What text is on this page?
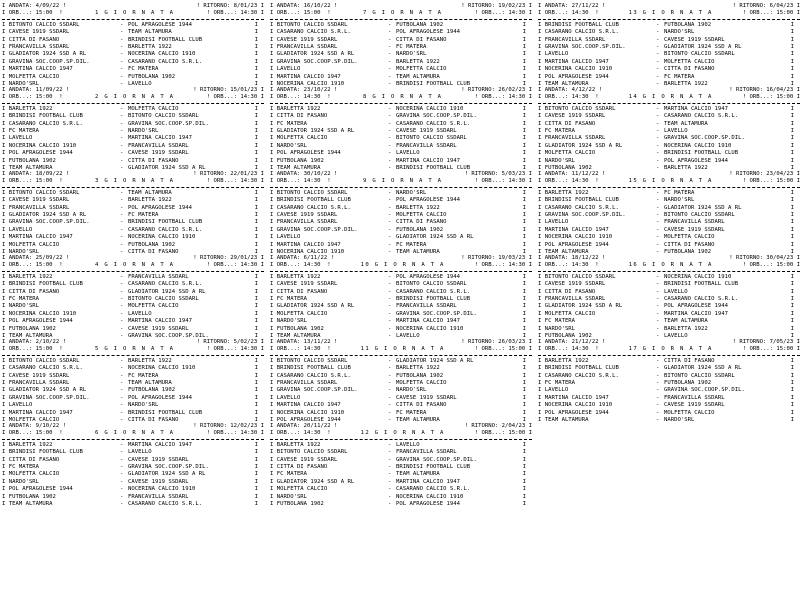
I ANDATA: 4/09/22 !	! RITORNO: 8/01/23 I
I ORB...: 15:00  !	1 G I O R N A T A	! ORB...: 14:30 I
I BITONTO CALCIO SSDARL	- POL AFRAGOLESE 1944	I
I CAVESE 1919 SSDARL	- TEAM ALTAMURA	I
I CITTA DI FASANO	- BRINDISI FOOTBALL CLUB	I
I FRANCAVILLA SSDARL	- BARLETTA 1922	I
I GLADIATOR 1924 SSD A RL	- NOCERINA CALCIO 1910	I
I GRAVINA SOC.COOP.SP.DIL.	- CASARANO CALCIO S.R.L.	I
I MARTINA CALCIO 1947	- FC MATERA	I
I MOLFETTA CALCIO	- FUTBOLANA 1902	I
I NARDO'SRL	- LAVELLO	I
I ANDATA: 11/09/22 !	! RITORNO: 15/01/23 I
I ORB...: 15:00  !	2 G I O R N A T A	! ORB...: 14:30 I
I BARLETTA 1922	- MOLFETTA CALCIO	I
I BRINDISI FOOTBALL CLUB	- BITONTO CALCIO SSDARL	I
I CASARANO CALCIO S.R.L.	- GRAVINA SOC.COOP.SP.DIL.	I
I FC MATERA	- NARDO'SRL	I
I LAVELLO	- MARTINA CALCIO 1947	I
I NOCERINA CALCIO 1910	- FRANCAVILLA SSDARL	I
I POL AFRAGOLESE 1944	- CAVESE 1919 SSDARL	I
I FUTBOLANA 1902	- CITTA DI FASANO	I
I TEAM ALTAMURA	- GLADIATOR 1924 SSD A RL	I
I ANDATA: 18/09/22 !	! RITORNO: 22/01/23 I
I ORB...: 15:00  !	3 G I O R N A T A	! ORB...: 14:30 I
I BITONTO CALCIO SSDARL	- TEAM ALTAMURA	I
I CAVESE 1919 SSDARL	- BARLETTA 1922	I
I FRANCAVILLA SSDARL	- POL AFRAGOLESE 1944	I
I GLADIATOR 1924 SSD A RL	- FC MATERA	I
I GRAVINA SOC.COOP.SP.DIL.	- BRINDISI FOOTBALL CLUB	I
I LAVELLO	- CASARANO CALCIO S.R.L.	I
I MARTINA CALCIO 1947	- NOCERINA CALCIO 1910	I
I MOLFETTA CALCIO	- FUTBOLANA 1902	I
I NARDO'SRL	- CITTA DI FASANO	I
I ANDATA: 25/09/22 !	! RITORNO: 29/01/23 I
I ORB...: 15:00  !	4 G I O R N A T A	! ORB...: 14:30 I
I BARLETTA 1922	- FRANCAVILLA SSDARL	I
I BRINDISI FOOTBALL CLUB	- CASARANO CALCIO S.R.L.	I
I CITTA DI FASANO	- GLADIATOR 1924 SSD A RL	I
I FC MATERA	- BITONTO CALCIO SSDARL	I
I NARDO'SRL	- MOLFETTA CALCIO	I
I NOCERINA CALCIO 1910	- LAVELLO	I
I POL AFRAGOLESE 1944	- MARTINA CALCIO 1947	I
I FUTBOLANA 1902	- CAVESE 1919 SSDARL	I
I TEAM ALTAMURA	- GRAVINA SOC.COOP.SP.DIL.	I
I ANDATA: 2/10/22 !	! RITORNO: 5/02/23 I
I ORB...: 15:00  !	5 G I O R N A T A	! ORB...: 14:30 I
I BITONTO CALCIO SSDARL	- BARLETTA 1922	I
I CASARANO CALCIO S.R.L.	- NOCERINA CALCIO 1910	I
I CAVESE 1919 SSDARL	- FC MATERA	I
I FRANCAVILLA SSDARL	- TEAM ALTAMURA	I
I GLADIATOR 1924 SSD A RL	- FUTBOLANA 1902	I
I GRAVINA SOC.COOP.SP.DIL.	- POL AFRAGOLESE 1944	I
I LAVELLO	- NARDO'SRL	I
I MARTINA CALCIO 1947	- BRINDISI FOOTBALL CLUB	I
I MOLFETTA CALCIO	- CITTA DI FASANO	I
I ANDATA: 9/10/22 !	! RITORNO: 12/02/23 I
I ORB...: 15:00  !	6 G I O R N A T A	! ORB...: 14:30 I
I BARLETTA 1922	- MARTINA CALCIO 1947	I
I BRINDISI FOOTBALL CLUB	- LAVELLO	I
I CITTA DI FASANO	- CAVESE 1919 SSDARL	I
I FC MATERA	- GRAVINA SOC.COOP.SP.DIL.	I
I MOLFETTA CALCIO	- GLADIATOR 1924 SSD A RL	I
I NARDO'SRL	- CAVESE 1919 SSDARL	I
I POL AFRAGOLESE 1944	- NOCERINA CALCIO 1910	I
I FUTBOLANA 1902	- FRANCAVILLA SSDARL	I
I TEAM ALTAMURA	- CASARANO CALCIO S.R.L.	I
I ANDATA: 16/10/22 !	! RITORNO: 19/02/23 I
I ORB...: 15:00  !	7 G I O R N A T A	! ORB...: 14:30 I
I BITONTO CALCIO SSDARL	- FUTBOLANA 1902	I
I CASARANO CALCIO S.R.L.	- POL AFRAGOLESE 1944	I
I CAVESE 1919 SSDARL	- CITTA DI FASANO	I
I FRANCAVILLA SSDARL	- FC MATERA	I
I GLADIATOR 1924 SSD A RL	- NARDO'SRL	I
I GRAVINA SOC.COOP.SP.DIL.	- BARLETTA 1922	I
I LAVELLO	- MOLFETTA CALCIO	I
I MARTINA CALCIO 1947	- TEAM ALTAMURA	I
I NOCERINA CALCIO 1910	- BRINDISI FOOTBALL CLUB	I
I ANDATA: 23/10/22 !	! RITORNO: 26/02/23 I
I ORB...: 14:30  !	8 G I O R N A T A	! ORB...: 14:30 I
I BARLETTA 1922	- NOCERINA CALCIO 1910	I
I CITTA DI FASANO	- GRAVINA SOC.COOP.SP.DIL.	I
I FC MATERA	- CASARANO CALCIO S.R.L.	I
I GLADIATOR 1924 SSD A RL	- CAVESE 1919 SSDARL	I
I MOLFETTA CALCIO	- BITONTO CALCIO SSDARL	I
I NARDO'SRL	- FRANCAVILLA SSDARL	I
I POL AFRAGOLESE 1944	- LAVELLO	I
I FUTBOLANA 1902	- MARTINA CALCIO 1947	I
I TEAM ALTAMURA	- BRINDISI FOOTBALL CLUB	I
I ANDATA: 30/10/22 !	! RITORNO: 5/03/23 I
I ORB...: 14:30  !	9 G I O R N A T A	! ORB...: 14:30 I
I BITONTO CALCIO SSDARL	- NARDO'SRL	I
I BRINDISI FOOTBALL CLUB	- POL AFRAGOLESE 1944	I
I CASARANO CALCIO S.R.L.	- BARLETTA 1922	I
I CAVESE 1919 SSDARL	- MOLFETTA CALCIO	I
I FRANCAVILLA SSDARL	- CITTA DI FASANO	I
I GRAVINA SOC.COOP.SP.DIL.	- FUTBOLANA 1902	I
I LAVELLO	- GLADIATOR 1924 SSD A RL	I
I MARTINA CALCIO 1947	- FC MATERA	I
I NOCERINA CALCIO 1910	- TEAM ALTAMURA	I
I ANDATA: 6/11/22 !	! RITORNO: 19/03/23 I
I ORB...: 14:30  !	10 G I O R N A T A	! ORB...: 14:30 I
I BARLETTA 1922	- POL AFRAGOLESE 1944	I
I CAVESE 1919 SSDARL	- BITONTO CALCIO SSDARL	I
I CITTA DI FASANO	- CASARANO CALCIO S.R.L.	I
I FC MATERA	- BRINDISI FOOTBALL CLUB	I
I GLADIATOR 1924 SSD A RL	- FRANCAVILLA SSDARL	I
I MOLFETTA CALCIO	- GRAVINA SOC.COOP.SP.DIL.	I
I NARDO'SRL	- MARTINA CALCIO 1947	I
I FUTBOLANA 1902	- NOCERINA CALCIO 1910	I
I TEAM ALTAMURA	- LAVELLO	I
I ANDATA: 13/11/22 !	! RITORNO: 26/03/23 I
I ORB...: 14:30  !	11 G I O R N A T A	! ORB...: 15:00 I
I BITONTO CALCIO SSDARL	- GLADIATOR 1924 SSD A RL	I
I BRINDISI FOOTBALL CLUB	- BARLETTA 1922	I
I CASARANO CALCIO S.R.L.	- FUTBOLANA 1902	I
I FRANCAVILLA SSDARL	- MOLFETTA CALCIO	I
I GRAVINA SOC.COOP.SP.DIL.	- NARDO'SRL	I
I LAVELLO	- CAVESE 1919 SSDARL	I
I MARTINA CALCIO 1947	- CITTA DI FASANO	I
I NOCERINA CALCIO 1910	- FC MATERA	I
I POL AFRAGOLESE 1944	- TEAM ALTAMURA	I
I ANDATA: 20/11/22 !	! RITORNO: 2/04/23 I
I ORB...: 14:30  !	12 G I O R N A T A	! ORB...: 15:00 I
I BARLETTA 1922	- LAVELLO	I
I BITONTO CALCIO SSDARL	- FRANCAVILLA SSDARL	I
I CAVESE 1919 SSDARL	- GRAVINA SOC.COOP.SP.DIL.	I
I CITTA DI FASANO	- BRINDISI FOOTBALL CLUB	I
I FC MATERA	- TEAM ALTAMURA	I
I GLADIATOR 1924 SSD A RL	- MARTINA CALCIO 1947	I
I MOLFETTA CALCIO	- CASARANO CALCIO S.R.L.	I
I NARDO'SRL	- NOCERINA CALCIO 1910	I
I FUTBOLANA 1902	- POL AFRAGOLESE 1944	I
I ANDATA: 27/11/22 !	! RITORNO: 6/04/23 I
I ORB...: 14:30  !	13 G I O R N A T A	! ORB...: 15:00 I
I BRINDISI FOOTBALL CLUB	- FUTBOLANA 1902	I
I CASARANO CALCIO S.R.L.	- NARDO'SRL	I
I FRANCAVILLA SSDARL	- CAVESE 1919 SSDARL	I
I GRAVINA SOC.COOP.SP.DIL.	- GLADIATOR 1924 SSD A RL	I
I LAVELLO	- BITONTO CALCIO SSDARL	I
I MARTINA CALCIO 1947	- MOLFETTA CALCIO	I
I NOCERINA CALCIO 1910	- CITTA DI FASANO	I
I POL AFRAGOLESE 1944	- FC MATERA	I
I TEAM ALTAMURA	- BARLETTA 1922	I
I ANDATA: 4/12/22 !	! RITORNO: 16/04/23 I
I ORB...: 14:30  !	14 G I O R N A T A	! ORB...: 15:00 I
I BITONTO CALCIO SSDARL	- MARTINA CALCIO 1947	I
I CAVESE 1919 SSDARL	- CASARANO CALCIO S.R.L.	I
I CITTA DI FASANO	- TEAM ALTAMURA	I
I FC MATERA	- LAVELLO	I
I FRANCAVILLA SSDARL	- GRAVINA SOC.COOP.SP.DIL.	I
I GLADIATOR 1924 SSD A RL	- NOCERINA CALCIO 1910	I
I MOLFETTA CALCIO	- BRINDISI FOOTBALL CLUB	I
I NARDO'SRL	- POL AFRAGOLESE 1944	I
I FUTBOLANA 1902	- BARLETTA 1922	I
I ANDATA: 11/12/22 !	! RITORNO: 23/04/23 I
I ORB...: 14:30  !	15 G I O R N A T A	! ORB...: 15:00 I
I BARLETTA 1922	- FC MATERA	I
I BRINDISI FOOTBALL CLUB	- NARDO'SRL	I
I CASARANO CALCIO S.R.L.	- GLADIATOR 1924 SSD A RL	I
I GRAVINA SOC.COOP.SP.DIL.	- BITONTO CALCIO SSDARL	I
I LAVELLO	- FRANCAVILLA SSDARL	I
I MARTINA CALCIO 1947	- CAVESE 1919 SSDARL	I
I NOCERINA CALCIO 1910	- MOLFETTA CALCIO	I
I POL AFRAGOLESE 1944	- CITTA DI FASANO	I
I TEAM ALTAMURA	- FUTBOLANA 1902	I
I ANDATA: 18/12/22 !	! RITORNO: 30/04/23 I
I ORB...: 14:30  !	16 G I O R N A T A	! ORB...: 15:00 I
I BITONTO CALCIO SSDARL	- NOCERINA CALCIO 1910	I
I CAVESE 1919 SSDARL	- BRINDISI FOOTBALL CLUB	I
I CITTA DI FASANO	- LAVELLO	I
I FRANCAVILLA SSDARL	- CASARANO CALCIO S.R.L.	I
I GLADIATOR 1924 SSD A RL	- POL AFRAGOLESE 1944	I
I MOLFETTA CALCIO	- MARTINA CALCIO 1947	I
I FC MATERA	- TEAM ALTAMURA	I
I NARDO'SRL	- BARLETTA 1922	I
I FUTBOLANA 1902	- LAVELLO	I
I ANDATA: 21/12/22 !	! RITORNO: 7/05/23 I
I ORB...: 14:30  !	17 G I O R N A T A	! ORB...: 15:00 I
I BARLETTA 1922	- CITTA DI FASANO	I
I BRINDISI FOOTBALL CLUB	- GLADIATOR 1924 SSD A RL	I
I CASARANO CALCIO S.R.L.	- BITONTO CALCIO SSDARL	I
I FC MATERA	- FUTBOLANA 1902	I
I LAVELLO	- GRAVINA SOC.COOP.SP.DIL.	I
I MARTINA CALCIO 1947	- FRANCAVILLA SSDARL	I
I NOCERINA CALCIO 1910	- CAVESE 1919 SSDARL	I
I POL AFRAGOLESE 1944	- MOLFETTA CALCIO	I
I TEAM ALTAMURA	- NARDO'SRL	I
